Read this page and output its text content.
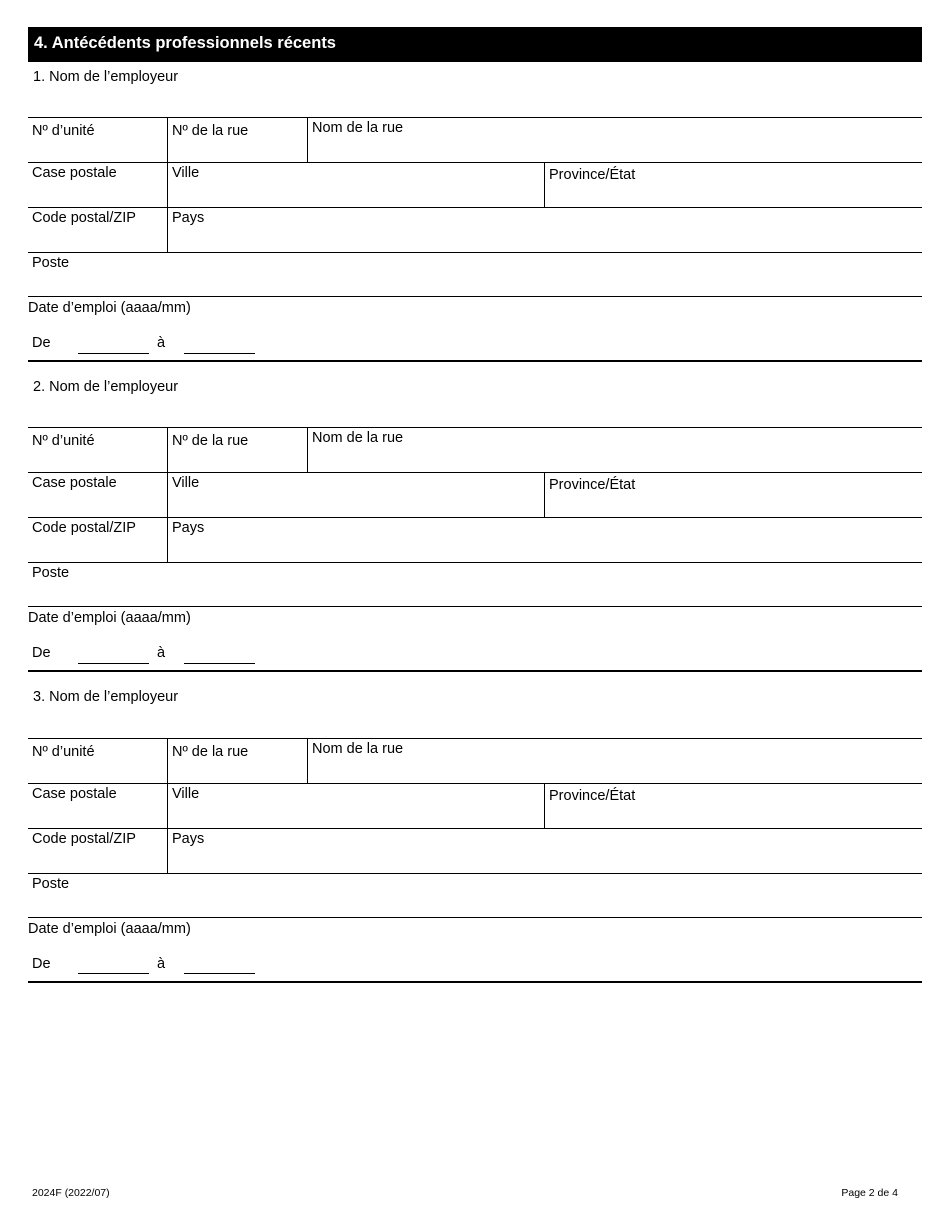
4. Antécédents professionnels récents
1. Nom de l’employeur
Nº d’unité	Nº de la rue	Nom de la rue
Case postale	Ville	Province/État
Code postal/ZIP Pays
Poste
Date d’emploi (aaaa/mm)
De	à
2. Nom de l’employeur
Nº d’unité	Nº de la rue	Nom de la rue
Case postale	Ville	Province/État
Code postal/ZIP Pays
Poste
Date d’emploi (aaaa/mm)
De	à
3. Nom de l’employeur
Nº d’unité	Nº de la rue	Nom de la rue
Case postale	Ville	Province/État
Code postal/ZIP Pays
Poste
Date d’emploi (aaaa/mm)
De	à
2024F (2022/07)	Page 2 de 4
